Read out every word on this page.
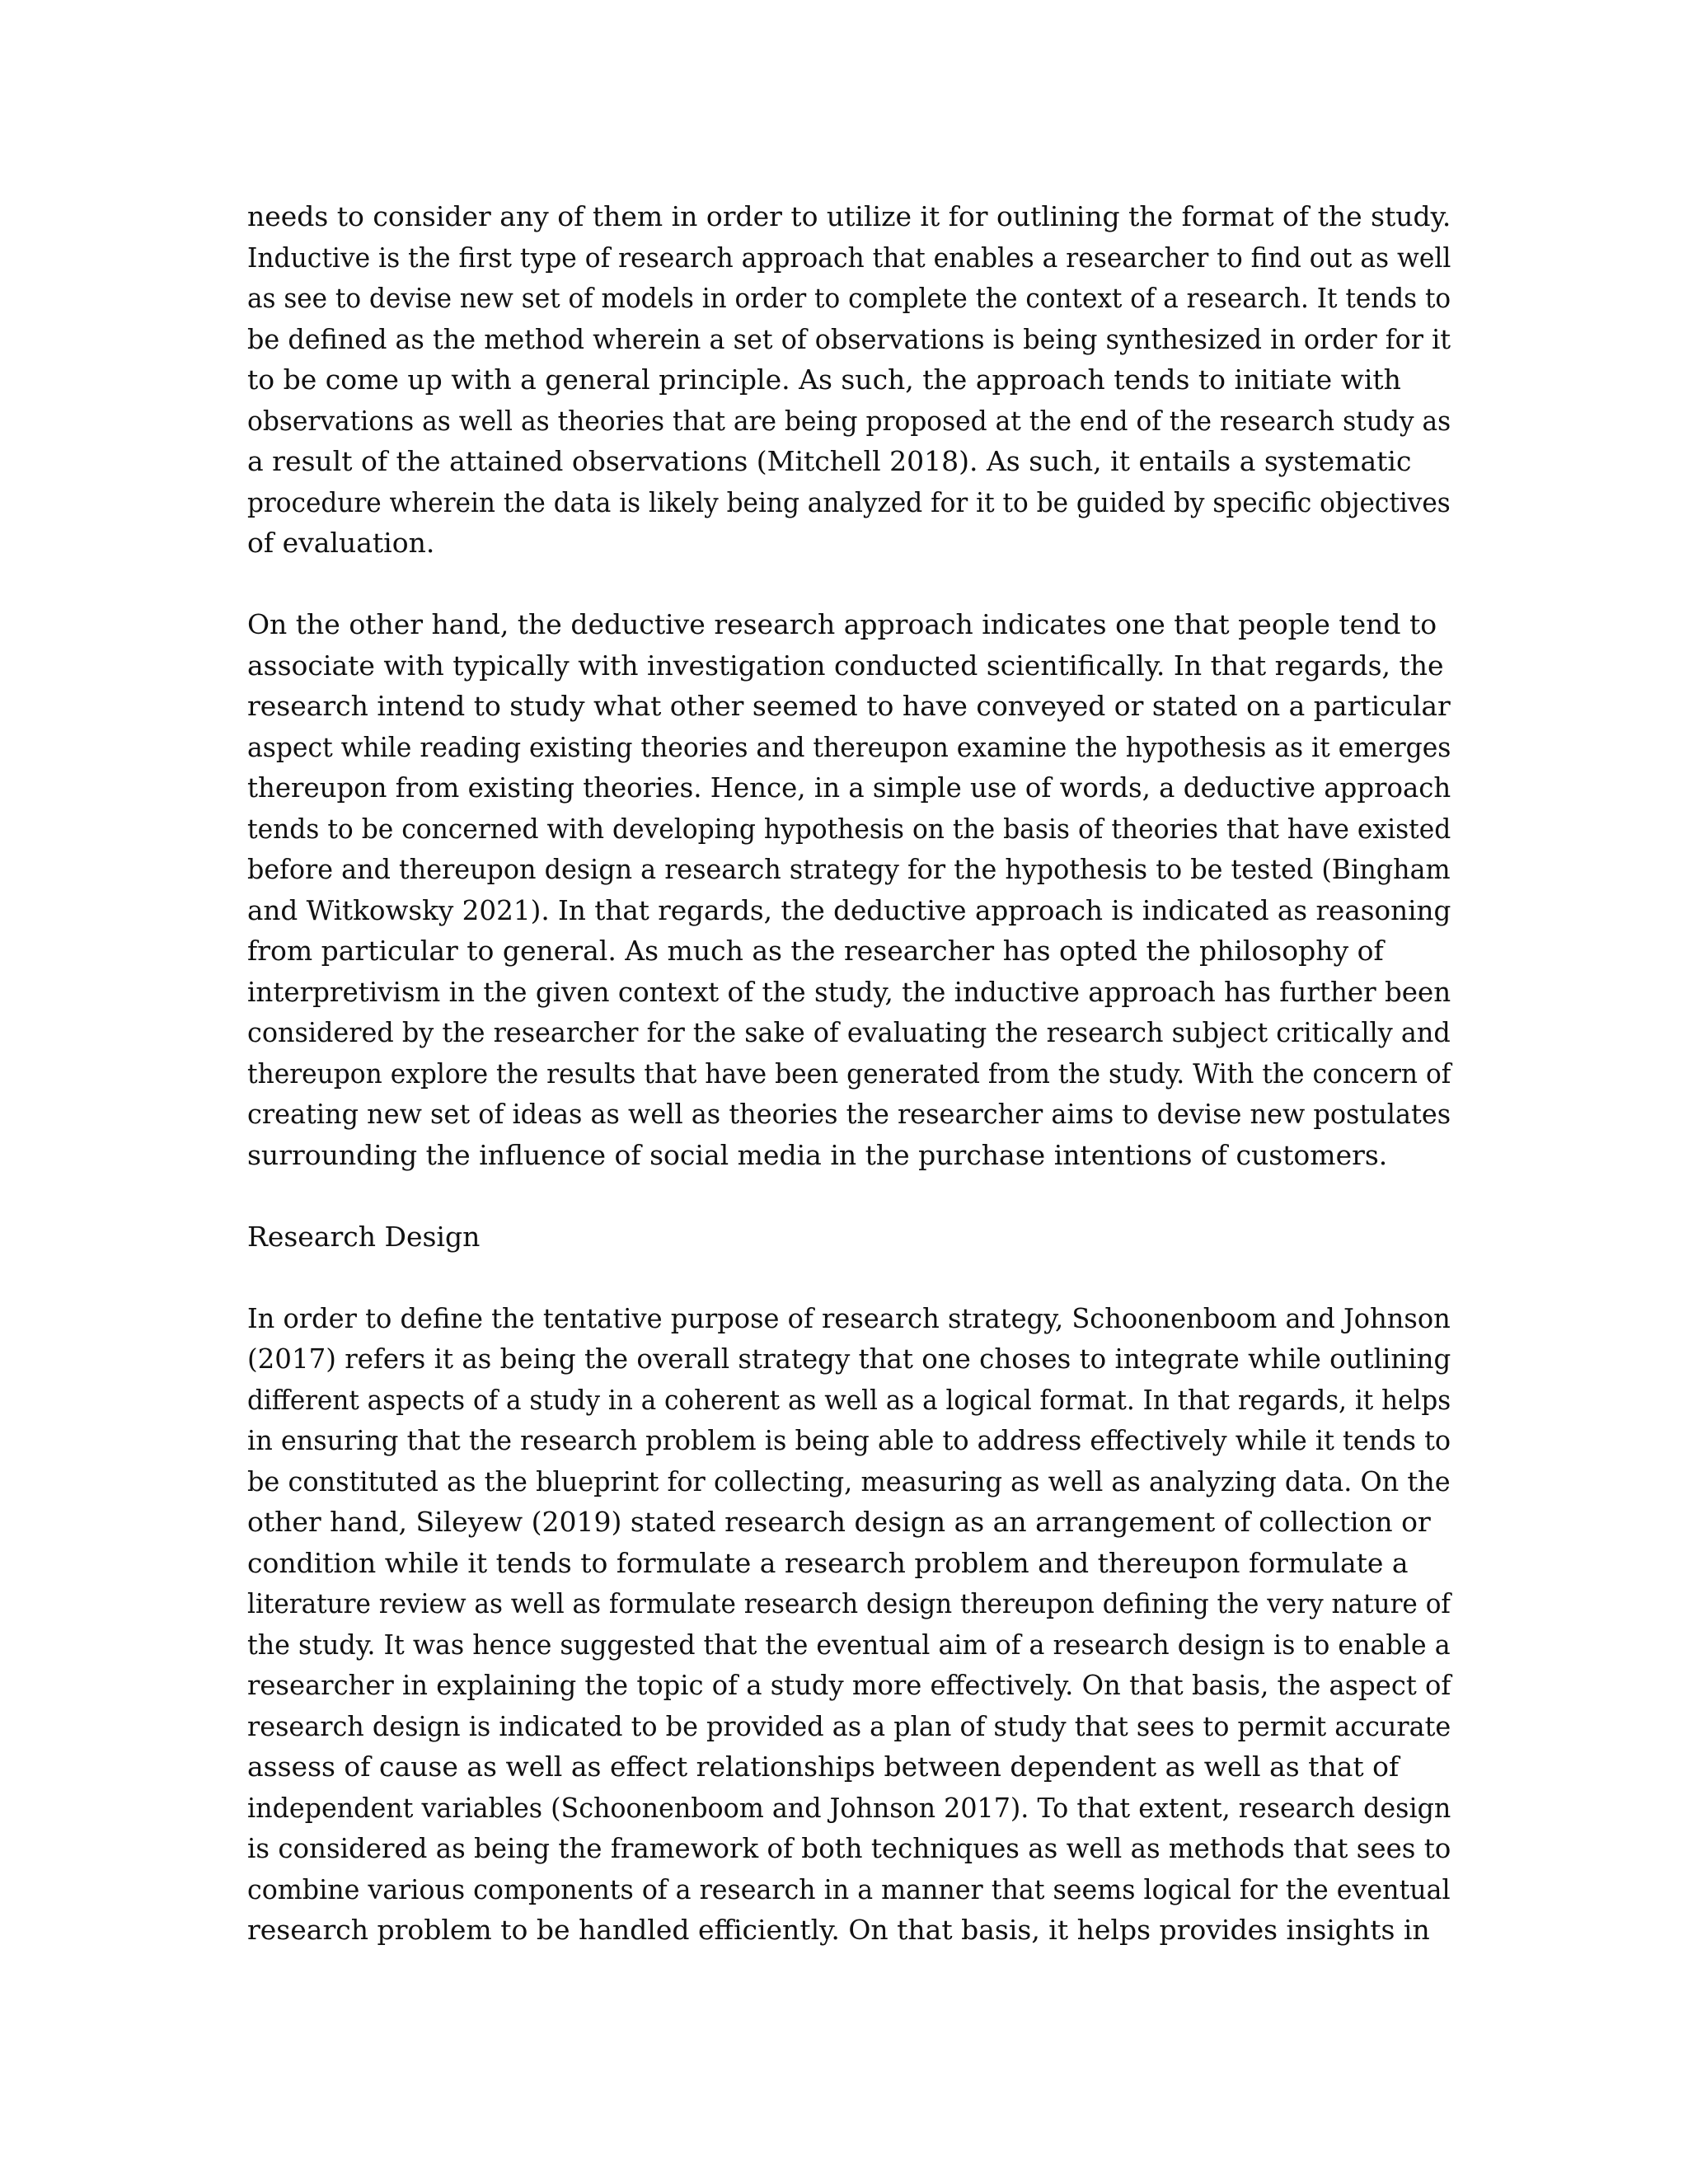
needs to consider any of them in order to utilize it for outlining the format of the study.
Inductive is the first type of research approach that enables a researcher to find out as well
as see to devise new set of models in order to complete the context of a research. It tends to
be defined as the method wherein a set of observations is being synthesized in order for it
to be come up with a general principle. As such, the approach tends to initiate with
observations as well as theories that are being proposed at the end of the research study as
a result of the attained observations (Mitchell 2018). As such, it entails a systematic
procedure wherein the data is likely being analyzed for it to be guided by specific objectives
of evaluation.
On the other hand, the deductive research approach indicates one that people tend to
associate with typically with investigation conducted scientifically. In that regards, the
research intend to study what other seemed to have conveyed or stated on a particular
aspect while reading existing theories and thereupon examine the hypothesis as it emerges
thereupon from existing theories. Hence, in a simple use of words, a deductive approach
tends to be concerned with developing hypothesis on the basis of theories that have existed
before and thereupon design a research strategy for the hypothesis to be tested (Bingham
and Witkowsky 2021). In that regards, the deductive approach is indicated as reasoning
from particular to general. As much as the researcher has opted the philosophy of
interpretivism in the given context of the study, the inductive approach has further been
considered by the researcher for the sake of evaluating the research subject critically and
thereupon explore the results that have been generated from the study. With the concern of
creating new set of ideas as well as theories the researcher aims to devise new postulates
surrounding the influence of social media in the purchase intentions of customers.
Research Design
In order to define the tentative purpose of research strategy, Schoonenboom and Johnson
(2017) refers it as being the overall strategy that one choses to integrate while outlining
different aspects of a study in a coherent as well as a logical format. In that regards, it helps
in ensuring that the research problem is being able to address effectively while it tends to
be constituted as the blueprint for collecting, measuring as well as analyzing data. On the
other hand, Sileyew (2019) stated research design as an arrangement of collection or
condition while it tends to formulate a research problem and thereupon formulate a
literature review as well as formulate research design thereupon defining the very nature of
the study. It was hence suggested that the eventual aim of a research design is to enable a
researcher in explaining the topic of a study more effectively. On that basis, the aspect of
research design is indicated to be provided as a plan of study that sees to permit accurate
assess of cause as well as effect relationships between dependent as well as that of
independent variables (Schoonenboom and Johnson 2017). To that extent, research design
is considered as being the framework of both techniques as well as methods that sees to
combine various components of a research in a manner that seems logical for the eventual
research problem to be handled efficiently. On that basis, it helps provides insights in
